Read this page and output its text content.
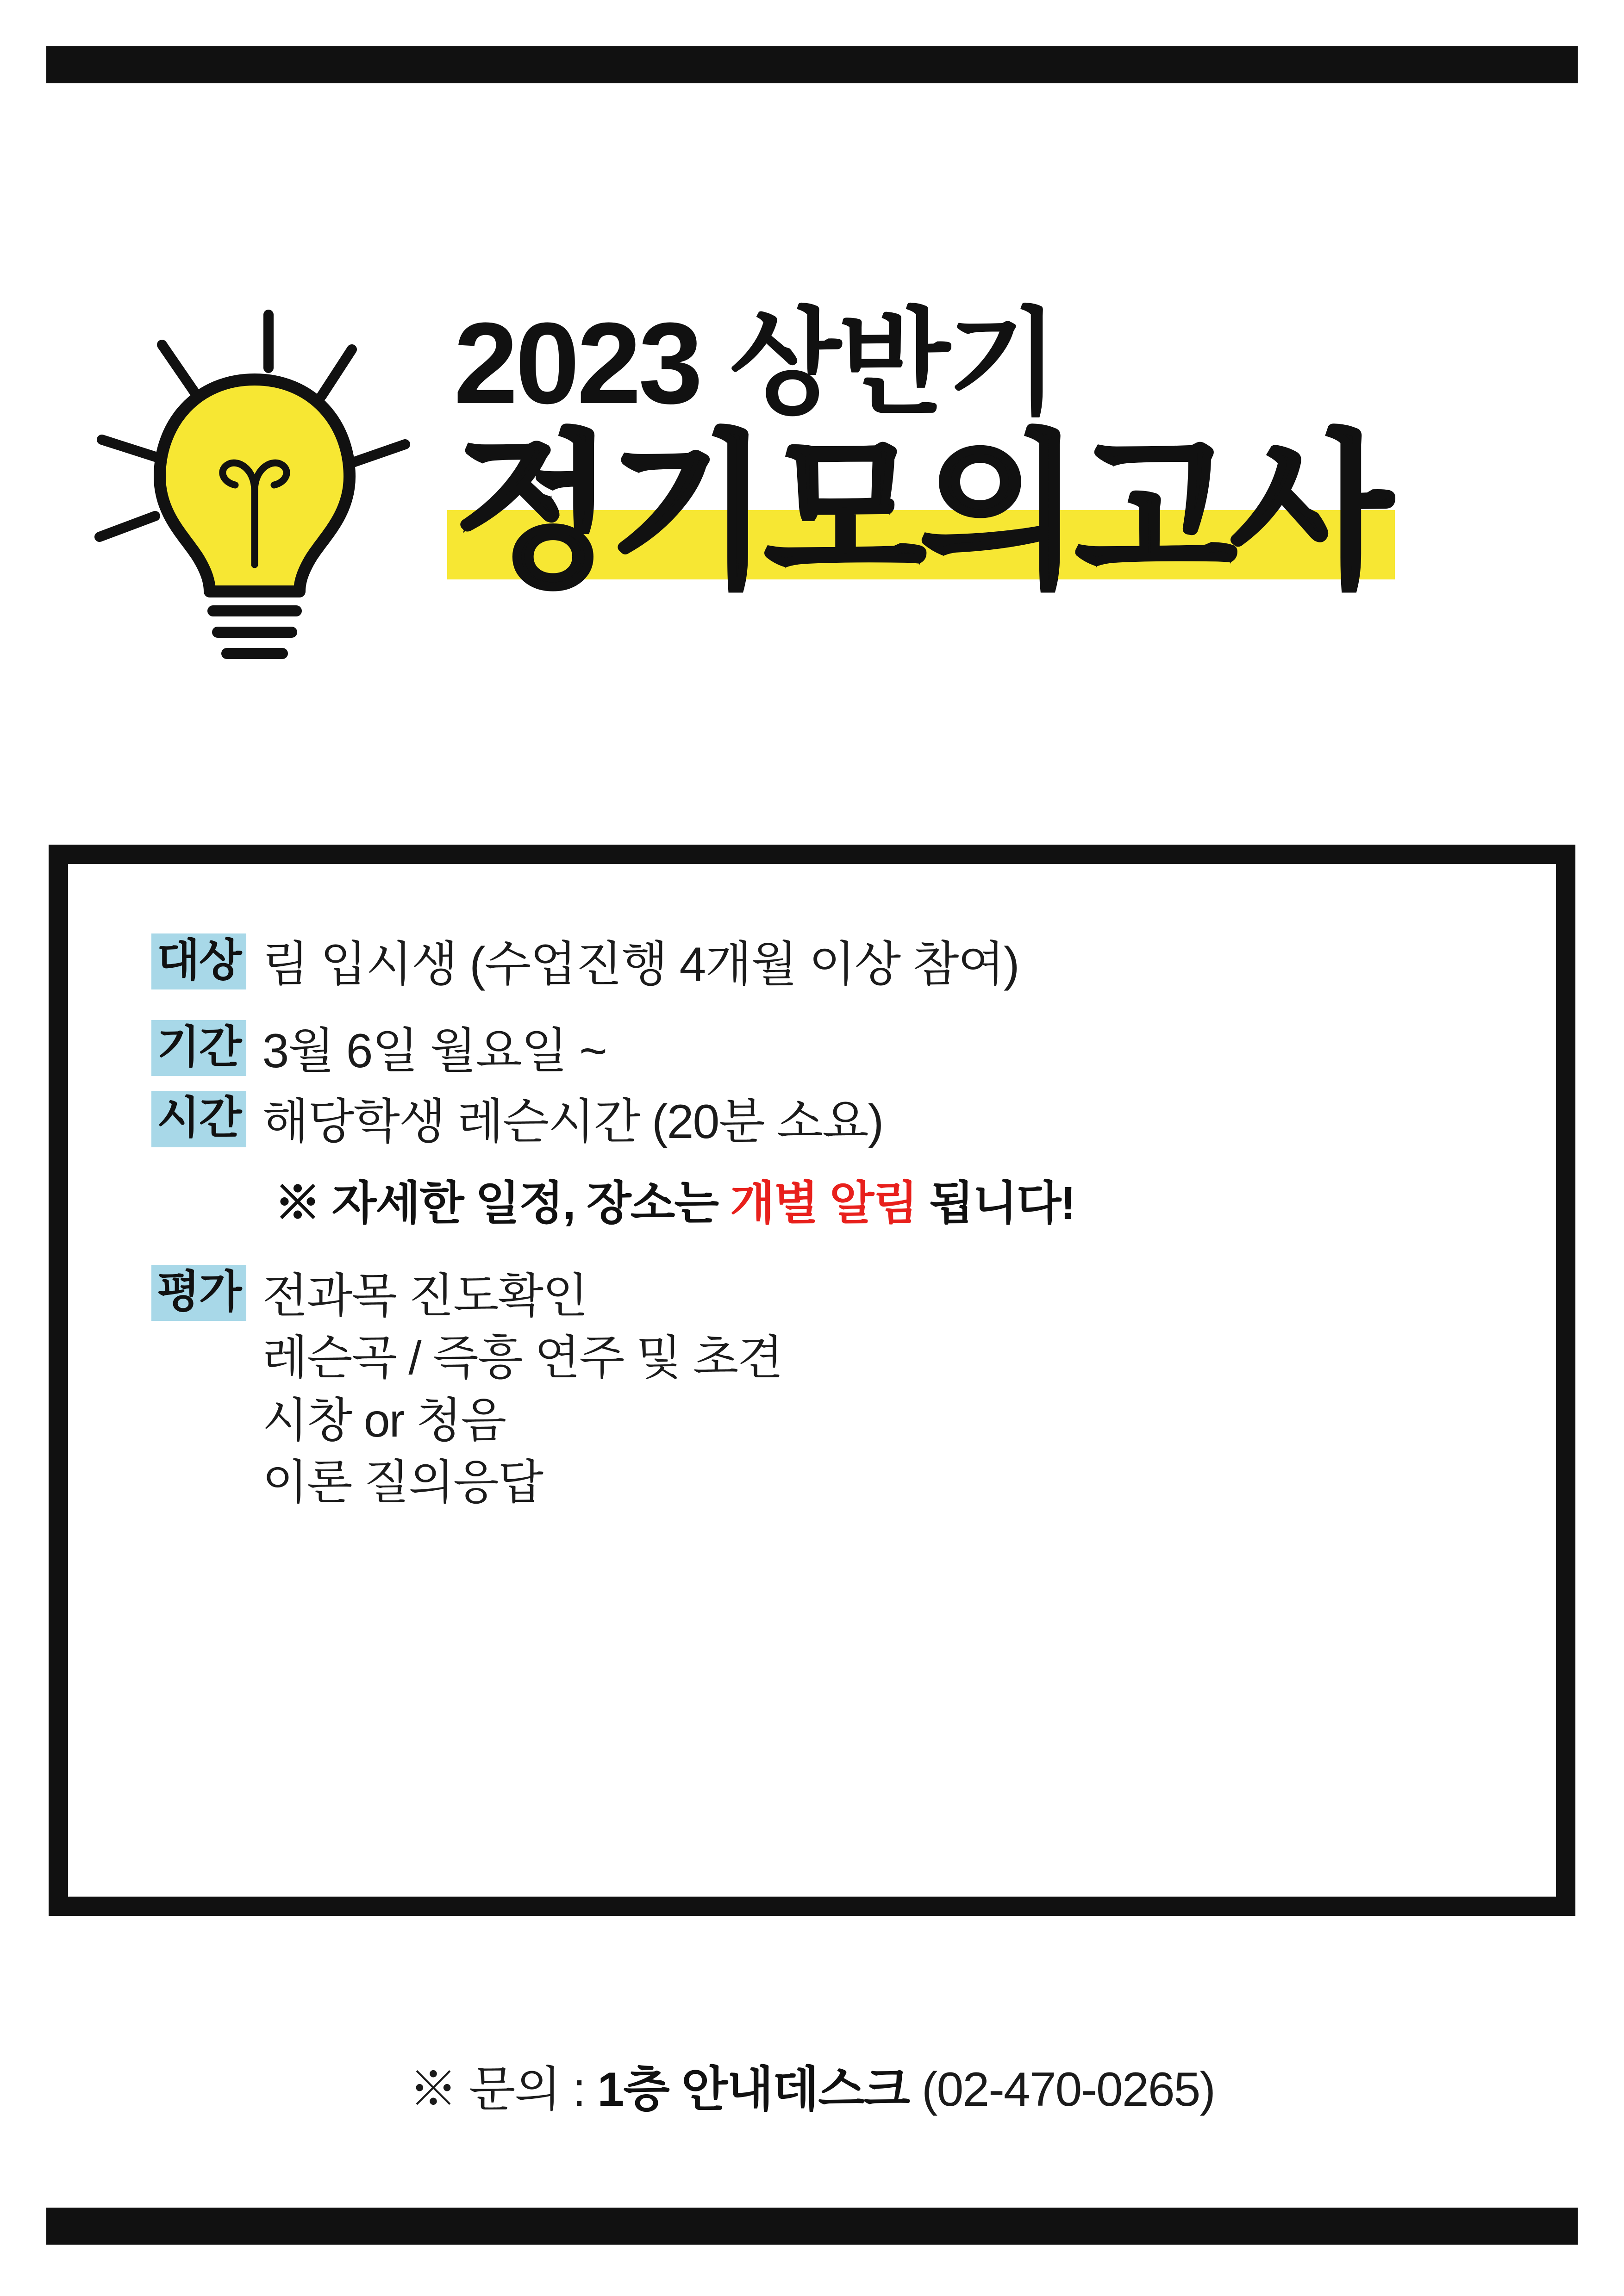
2023 상반기
정기모의고사
대상 림 입시생 (수업진행 4개월 이상 참여)
기간 3월 6일 월요일 ~
시간 해당학생 레슨시간 (20분 소요)
※ 자세한 일정, 장소는 개별 알림 됩니다!
평가 전과목 진도확인
레슨곡 / 즉흥 연주 및 초견
시창 or 청음
이론 질의응답
※ 문의 : 1층 안내데스크 (02-470-0265)
